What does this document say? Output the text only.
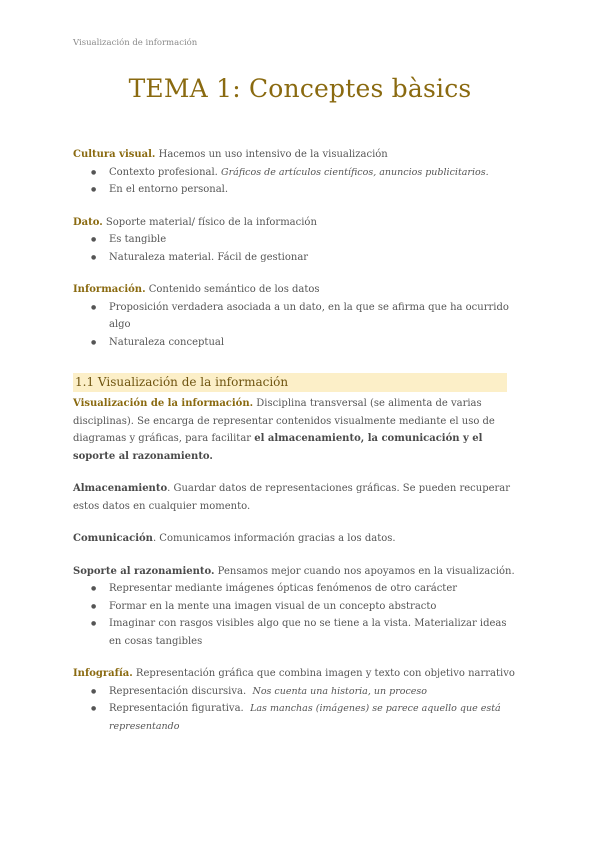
Visualización de información
TEMA 1: Conceptes bàsics

Cultura visual. Hacemos un uso intensivo de la visualización

● Contexto profesional. Gráficos de artículos científicos, anuncios publicitarios.
● En el entorno personal.

Dato. Soporte material/ físico de la información

● Es tangible
● Naturaleza material. Fácil de gestionar

Información. Contenido semántico de los datos

● Proposición verdadera asociada a un dato, en la que se afirma que ha ocurrido algo
● Naturaleza conceptual
1.1 Visualización de la información

Visualización de la información. Disciplina transversal (se alimenta de varias disciplinas). Se encarga de representar contenidos visualmente mediante el uso de diagramas y gráficas, para facilitar el almacenamiento, la comunicación y el soporte al razonamiento.

Almacenamiento. Guardar datos de representaciones gráficas. Se pueden recuperar estos datos en cualquier momento.

Comunicación. Comunicamos información gracias a los datos.

Soporte al razonamiento. Pensamos mejor cuando nos apoyamos en la visualización.

● Representar mediante imágenes ópticas fenómenos de otro carácter
● Formar en la mente una imagen visual de un concepto abstracto
● Imaginar con rasgos visibles algo que no se tiene a la vista. Materializar ideas en cosas tangibles

Infografía. Representación gráfica que combina imagen y texto con objetivo narrativo

● Representación discursiva.  Nos cuenta una historia, un proceso
● Representación figurativa.  Las manchas (imágenes) se parece aquello que está representando
